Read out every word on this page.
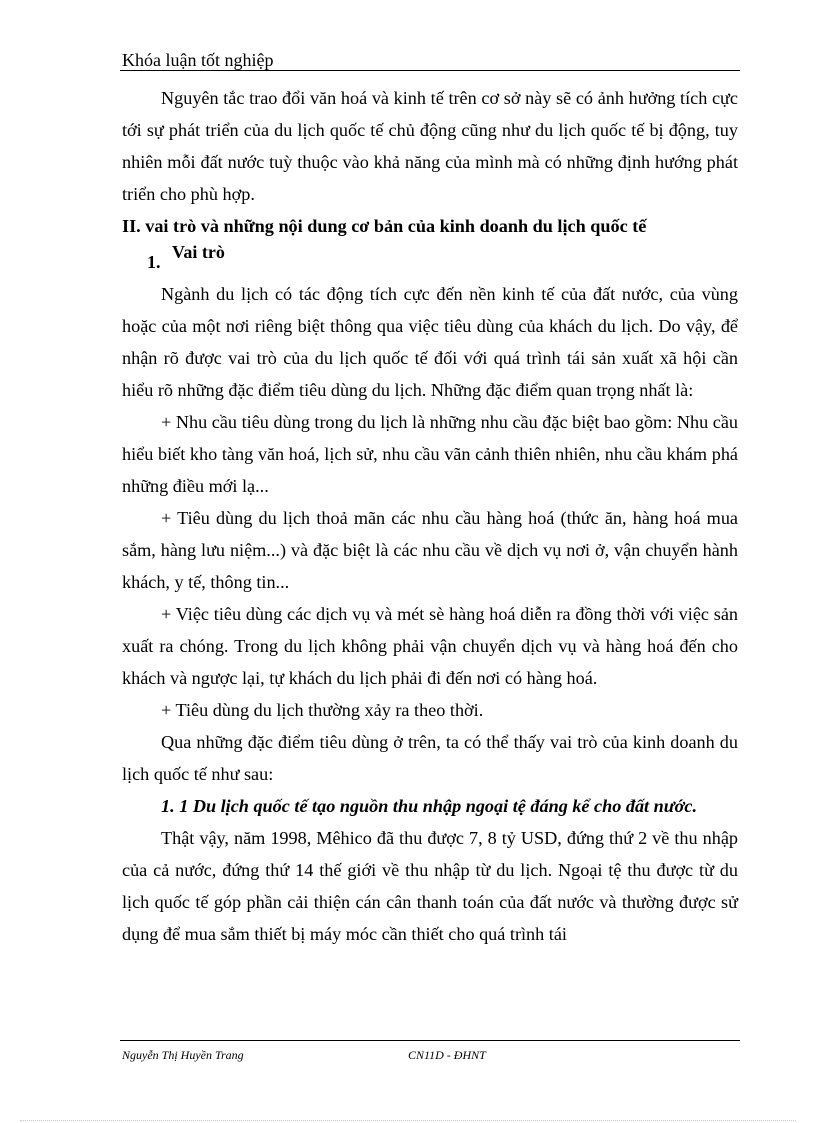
Khóa luận tốt nghiệp

Nguyên tắc trao đổi văn hoá và kinh tế trên cơ sở này sẽ có ảnh hưởng tích cực tới sự phát triển của du lịch quốc tế chủ động cũng như du lịch quốc tế bị động, tuy nhiên mỗi đất nước tuỳ thuộc vào khả năng của mình mà có những định hướng phát triển cho phù hợp.

II. vai trò và những nội dung cơ bản của kinh doanh du lịch quốc tế

1. Vai trò

Ngành du lịch có tác động tích cực đến nền kinh tế của đất nước, của vùng hoặc của một nơi riêng biệt thông qua việc tiêu dùng của khách du lịch. Do vậy, để nhận rõ được vai trò của du lịch quốc tế đối với quá trình tái sản xuất xã hội cần hiểu rõ những đặc điểm tiêu dùng du lịch. Những đặc điểm quan trọng nhất là:

+ Nhu cầu tiêu dùng trong du lịch là những nhu cầu đặc biệt bao gồm: Nhu cầu hiểu biết kho tàng văn hoá, lịch sử, nhu cầu vãn cảnh thiên nhiên, nhu cầu khám phá những điều mới lạ...

+ Tiêu dùng du lịch thoả mãn các nhu cầu hàng hoá (thức ăn, hàng hoá mua sắm, hàng lưu niệm...) và đặc biệt là các nhu cầu về dịch vụ nơi ở, vận chuyển hành khách, y tế, thông tin...

+ Việc tiêu dùng các dịch vụ và mét sè hàng hoá diễn ra đồng thời với việc sản xuất ra chóng. Trong du lịch không phải vận chuyển dịch vụ và hàng hoá đến cho khách và ngược lại, tự khách du lịch phải đi đến nơi có hàng hoá.

+ Tiêu dùng du lịch thường xảy ra theo thời.

Qua những đặc điểm tiêu dùng ở trên, ta có thể thấy vai trò của kinh doanh du lịch quốc tế như sau:

1. 1 Du lịch quốc tế tạo nguồn thu nhập ngoại tệ đáng kể cho đất nước.

Thật vậy, năm 1998, Mêhico đã thu được 7, 8 tỷ USD, đứng thứ 2 về thu nhập của cả nước, đứng thứ 14 thế giới về thu nhập từ du lịch. Ngoại tệ thu được từ du lịch quốc tế góp phần cải thiện cán cân thanh toán của đất nước và thường được sử dụng để mua sắm thiết bị máy móc cần thiết cho quá trình tái

Nguyễn Thị Huyền Trang	CN11D - ĐHNT
